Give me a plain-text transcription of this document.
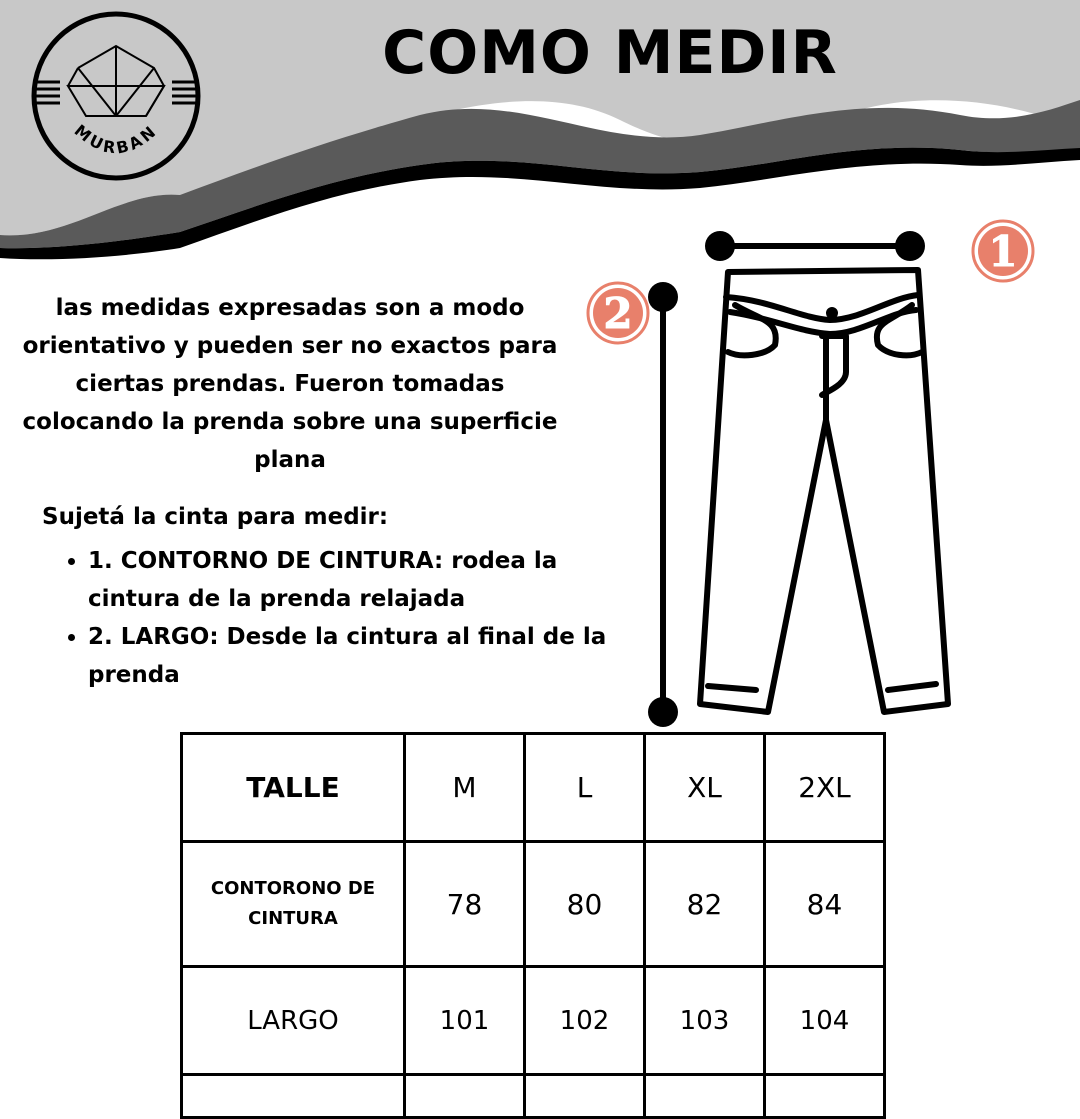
COMO MEDIR
MURBAN

las medidas expresadas son a modo orientativo y pueden ser no exactos para ciertas prendas. Fueron tomadas colocando la prenda sobre una superficie plana

Sujetá la cinta para medir:

• 1. CONTORNO DE CINTURA: rodea la cintura de la prenda relajada
• 2. LARGO: Desde la cintura al final de la prenda
1
2
TALLE	M	L	XL	2XL
CONTORONO DE CINTURA	78	80	82	84
LARGO	101	102	103	104
